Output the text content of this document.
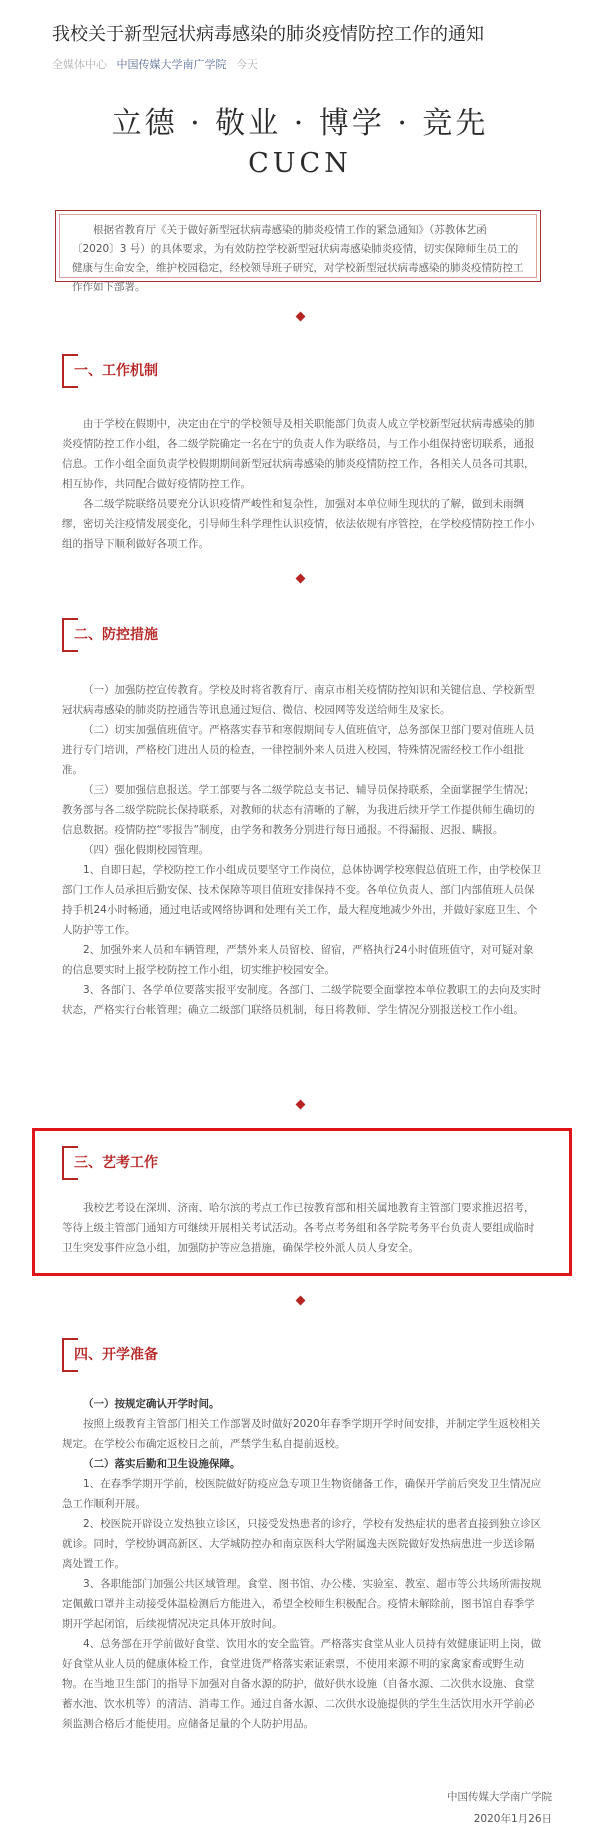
我校关于新型冠状病毒感染的肺炎疫情防控工作的通知
全媒体中心 中国传媒大学南广学院 今天
立德 · 敬业 · 博学 · 竞先
CUCN
根据省教育厅《关于做好新型冠状病毒感染的肺炎疫情工作的紧急通知》（苏教体艺函〔2020〕3 号）的具体要求，为有效防控学校新型冠状病毒感染肺炎疫情，切实保障师生员工的健康与生命安全，维护校园稳定，经校领导班子研究，对学校新型冠状病毒感染的肺炎疫情防控工作作如下部署。
一、工作机制

由于学校在假期中，决定由在宁的学校领导及相关职能部门负责人成立学校新型冠状病毒感染的肺炎疫情防控工作小组，各二级学院确定一名在宁的负责人作为联络员，与工作小组保持密切联系，通报信息。工作小组全面负责学校假期期间新型冠状病毒感染的肺炎疫情防控工作，各相关人员各司其职，相互协作，共同配合做好疫情防控工作。

各二级学院联络员要充分认识疫情严峻性和复杂性，加强对本单位师生现状的了解，做到未雨绸缪，密切关注疫情发展变化，引导师生科学理性认识疫情，依法依规有序管控，在学校疫情防控工作小组的指导下顺利做好各项工作。

二、防控措施

（一）加强防控宣传教育。学校及时将省教育厅、南京市相关疫情防控知识和关键信息、学校新型冠状病毒感染的肺炎防控通告等讯息通过短信、微信、校园网等发送给师生及家长。

（二）切实加强值班值守。严格落实春节和寒假期间专人值班值守，总务部保卫部门要对值班人员进行专门培训，严格校门进出人员的检查，一律控制外来人员进入校园，特殊情况需经校工作小组批准。

（三）要加强信息报送。学工部要与各二级学院总支书记、辅导员保持联系，全面掌握学生情况；教务部与各二级学院院长保持联系，对教师的状态有清晰的了解，为我进后续开学工作提供师生确切的信息数据。疫情防控“零报告”制度，由学务和教务分别进行每日通报。不得漏报、迟报、瞒报。

（四）强化假期校园管理。

1、自即日起，学校防控工作小组成员要坚守工作岗位，总体协调学校寒假总值班工作，由学校保卫部门工作人员承担后勤安保、技术保障等项目值班安排保持不变。各单位负责人、部门内部值班人员保持手机24小时畅通，通过电话或网络协调和处理有关工作，最大程度地减少外出，并做好家庭卫生、个人防护等工作。

2、加强外来人员和车辆管理，严禁外来人员留校、留宿，严格执行24小时值班值守，对可疑对象的信息要实时上报学校防控工作小组，切实维护校园安全。

3、各部门、各学单位要落实报平安制度。各部门、二级学院要全面掌控本单位教职工的去向及实时状态，严格实行台帐管理；确立二级部门联络员机制，每日将教师、学生情况分别报送校工作小组。

三、艺考工作

我校艺考设在深圳、济南、哈尔滨的考点工作已按教育部和相关属地教育主管部门要求推迟招考，等待上级主管部门通知方可继续开展相关考试活动。各考点考务组和各学院考务平台负责人要组成临时卫生突发事件应急小组，加强防护等应急措施，确保学校外派人员人身安全。

四、开学准备

（一）按规定确认开学时间。

按照上级教育主管部门相关工作部署及时做好2020年春季学期开学时间安排，并制定学生返校相关规定。在学校公布确定返校日之前，严禁学生私自提前返校。

（二）落实后勤和卫生设施保障。

1、在春季学期开学前，校医院做好防疫应急专项卫生物资储备工作，确保开学前后突发卫生情况应急工作顺利开展。

2、校医院开辟设立发热独立诊区，只接受发热患者的诊疗，学校有发热症状的患者直接到独立诊区就诊。同时，学校协调高新区、大学城防控办和南京医科大学附属逸夫医院做好发热病患进一步送诊隔离处置工作。

3、各职能部门加强公共区域管理。食堂、图书馆、办公楼、实验室、教室、超市等公共场所需按规定佩戴口罩并主动接受体温检测后方能进入，希望全校师生积极配合。疫情未解除前，图书馆自春季学期开学起闭馆，后续视情况决定具体开放时间。

4、总务部在开学前做好食堂、饮用水的安全监管。严格落实食堂从业人员持有效健康证明上岗，做好食堂从业人员的健康体检工作，食堂进货严格落实索证索票，不使用来源不明的家禽家畜或野生动物。在当地卫生部门的指导下加强对自备水源的防护，做好供水设施（自备水源、二次供水设施、食堂蓄水池、饮水机等）的清洁、消毒工作。通过自备水源、二次供水设施提供的学生生活饮用水开学前必须监测合格后才能使用。应储备足量的个人防护用品。

中国传媒大学南广学院
2020年1月26日
